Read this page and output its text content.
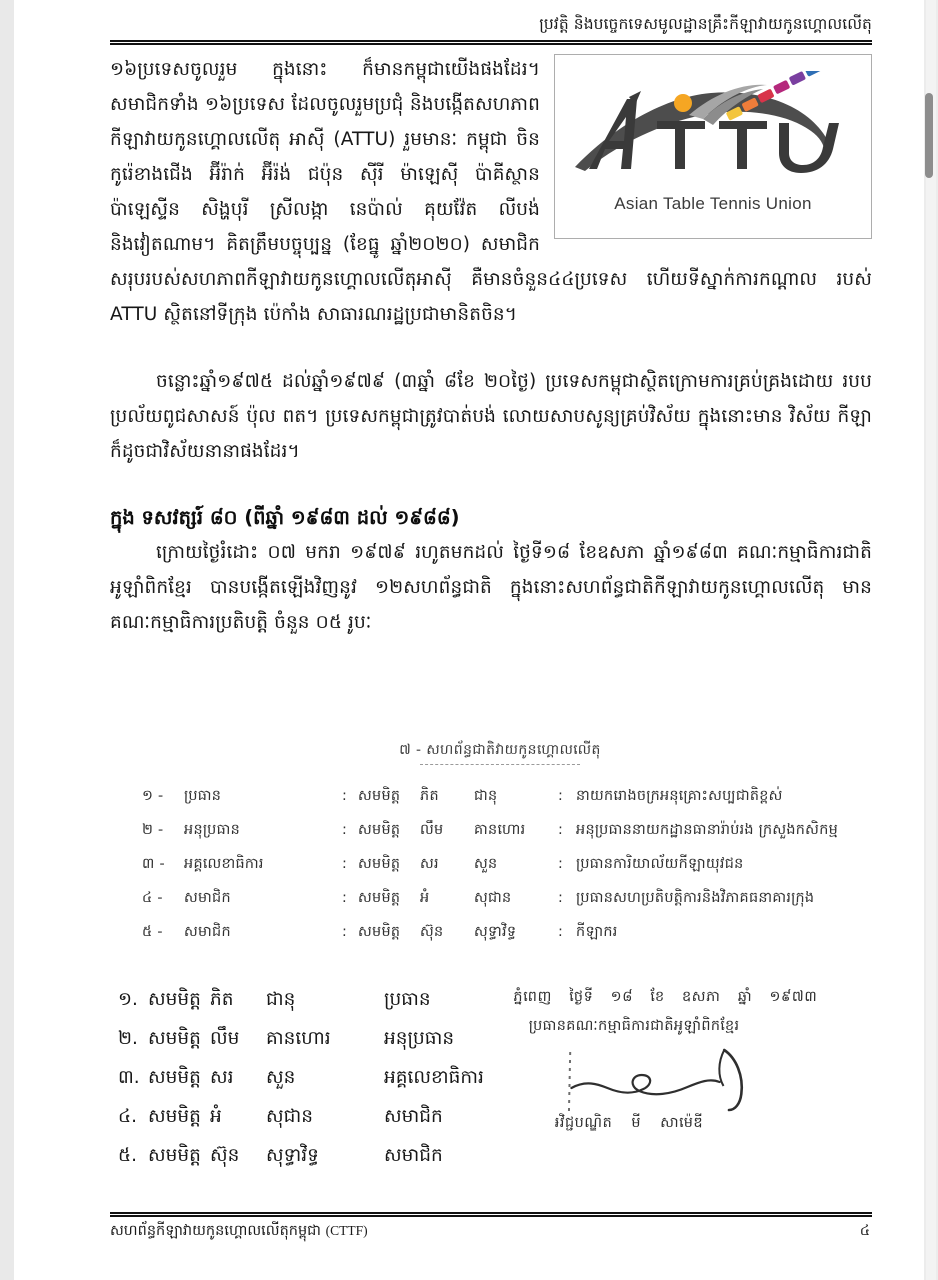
ប្រវត្តិ និងបច្ចេកទេសមូលដ្ឋានគ្រឹះកីឡាវាយកូនហ្គោលលើតុ
Asian Table Tennis Union

១៦ប្រទេសចូលរួម ក្នុងនោះ ក៏មានកម្ពុជាយើងផងដែរ។ សមាជិកទាំង ១៦ប្រទេស ដែលចូលរួមប្រជុំ និងបង្កើតសហភាពកីឡាវាយកូនហ្គោលលើតុ អាស៊ី (ATTU) រួមមានៈ កម្ពុជា ចិន កូរ៉េខាងជើង អ៊ីរ៉ាក់ អ៊ីរ៉ង់ ជប៉ុន ស៊ីរី ម៉ាឡេស៊ី ប៉ាគីស្ថាន ប៉ាឡេស្ទីន សិង្ហបុរី ស្រីលង្កា នេប៉ាល់ គុយវ៉ែត លីបង់ និងវៀតណាម។ គិតត្រឹមបច្ចុប្បន្ន (ខែធ្នូ ឆ្នាំ២០២០) សមាជិកសរុបរបស់សហភាពកីឡាវាយកូនហ្គោលលើតុអាស៊ី គឺមានចំនួន៤៤ប្រទេស ហើយទីស្នាក់ការកណ្តាល របស់ ATTU ស្ថិតនៅទីក្រុង ប៉េកាំង សាធារណរដ្ឋប្រជាមានិតចិន។

ចន្លោះឆ្នាំ១៩៧៥ ដល់ឆ្នាំ១៩៧៩ (៣ឆ្នាំ ៨ខែ ២០ថ្ងៃ) ប្រទេសកម្ពុជាស្ថិតក្រោមការគ្រប់គ្រងដោយ របបប្រល័យពូជសាសន៍ ប៉ុល ពត។ ប្រទេសកម្ពុជាត្រូវបាត់បង់ លោយសាបសូន្យគ្រប់វិស័យ ក្នុងនោះមាន វិស័យ កីឡា ក៏ដូចជាវិស័យនានាផងដែរ។

ក្នុង ទសវត្សរ៍ ៨០ (ពីឆ្នាំ ១៩៨៣ ដល់ ១៩៨៨)

ក្រោយថ្ងៃរំដោះ ០៧ មករា ១៩៧៩ រហូតមកដល់ ថ្ងៃទី១៨ ខែឧសភា ឆ្នាំ១៩៨៣ គណៈកម្មាធិការជាតិ អូឡាំពិកខ្មែរ បានបង្កើតឡើងវិញនូវ ១២សហព័ន្ធជាតិ ក្នុងនោះសហព័ន្ធជាតិកីឡាវាយកូនហ្គោលលើតុ មាន គណៈកម្មាធិការប្រតិបត្តិ ចំនួន ០៥ រូបៈ

៧ - សហព័ន្ធជាតិវាយកូនហ្គោលលើតុ
១ -	ប្រធាន	: សមមិត្ត	ភិត	ជានុ	: នាយករោងចក្រអនុគ្រោះសប្បជាតិខ្ពស់
២ -	អនុប្រធាន	: សមមិត្ត	លឹម	គានហោរ	: អនុប្រធាននាយកដ្ឋានធានារ៉ាប់រង ក្រសួងកសិកម្ម
៣ -	អគ្គលេខាធិការ	: សមមិត្ត	សរ	សួន	: ប្រធានការិយាល័យកីឡាយុវជន
៤ -	សមាជិក	: សមមិត្ត	អំ	សុជាន	: ប្រធានសហប្រតិបត្តិការនិងវិភាគធនាគារក្រុង
៥ -	សមាជិក	: សមមិត្ត	ស៊ុន	សុទ្ធាវិទ្ធ	: កីឡាករ
១. សមមិត្ត ភិត	ជានុ	ប្រធាន
២. សមមិត្ត លឹម	គានហោរ	អនុប្រធាន
៣. សមមិត្ត សរ	សួន	អគ្គលេខាធិការ
៤. សមមិត្ត អំ	សុជាន	សមាជិក
៥. សមមិត្ត ស៊ុន	សុទ្ធាវិទ្ធ	សមាជិក
ភ្នំពេញ ថ្ងៃទី ១៨ ខែ ឧសភា ឆ្នាំ ១៩៧៣
ប្រធានគណៈកម្មាធិការជាតិអូឡាំពិកខ្មែរ
៛វិជ្ជបណ្ឌិត មី សាម៉េឌី
សហព័ន្ធកីឡាវាយកូនហ្គោលលើតុកម្ពុជា (CTTF)	៤
